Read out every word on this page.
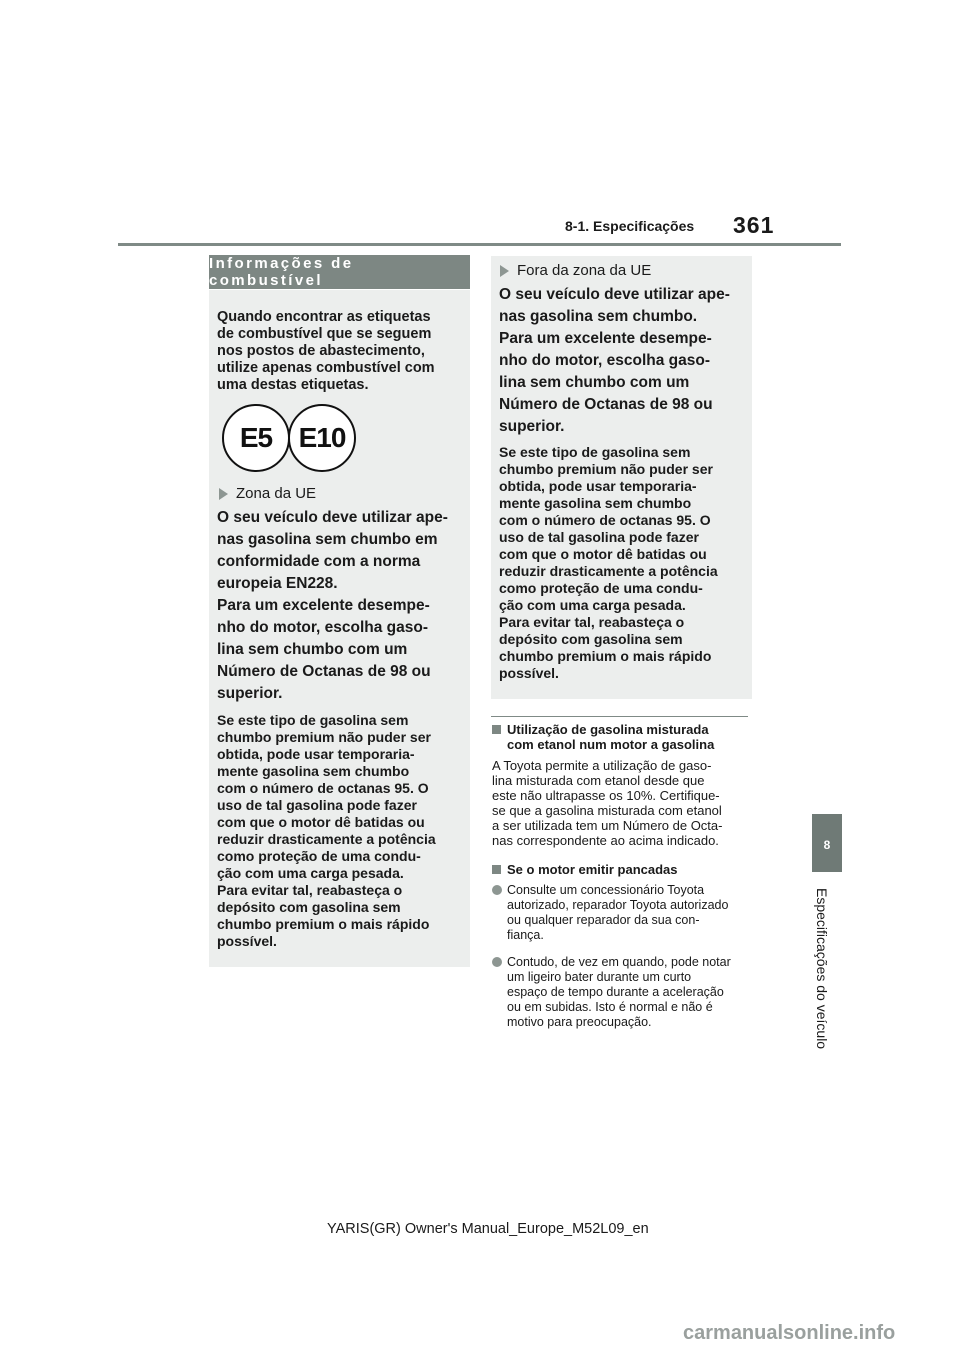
8-1. Especificações 361
8
Especificações do veículo
Informações de combustível
Quando encontrar as etiquetas
de combustível que se seguem
nos postos de abastecimento,
utilize apenas combustível com
uma destas etiquetas.
E5 E10
Zona da UE
O seu veículo deve utilizar ape-
nas gasolina sem chumbo em
conformidade com a norma
europeia EN228.
Para um excelente desempe-
nho do motor, escolha gaso-
lina sem chumbo com um
Número de Octanas de 98 ou
superior.
Se este tipo de gasolina sem
chumbo premium não puder ser
obtida, pode usar temporaria-
mente gasolina sem chumbo
com o número de octanas 95. O
uso de tal gasolina pode fazer
com que o motor dê batidas ou
reduzir drasticamente a potência
como proteção de uma condu-
ção com uma carga pesada.
Para evitar tal, reabasteça o
depósito com gasolina sem
chumbo premium o mais rápido
possível.
Fora da zona da UE
O seu veículo deve utilizar ape-
nas gasolina sem chumbo.
Para um excelente desempe-
nho do motor, escolha gaso-
lina sem chumbo com um
Número de Octanas de 98 ou
superior.
Se este tipo de gasolina sem
chumbo premium não puder ser
obtida, pode usar temporaria-
mente gasolina sem chumbo
com o número de octanas 95. O
uso de tal gasolina pode fazer
com que o motor dê batidas ou
reduzir drasticamente a potência
como proteção de uma condu-
ção com uma carga pesada.
Para evitar tal, reabasteça o
depósito com gasolina sem
chumbo premium o mais rápido
possível.
Utilização de gasolina misturada
com etanol num motor a gasolina
A Toyota permite a utilização de gaso-
lina misturada com etanol desde que
este não ultrapasse os 10%. Certifique-
se que a gasolina misturada com etanol
a ser utilizada tem um Número de Octa-
nas correspondente ao acima indicado.
Se o motor emitir pancadas
Consulte um concessionário Toyota
autorizado, reparador Toyota autorizado
ou qualquer reparador da sua con-
fiança.
Contudo, de vez em quando, pode notar
um ligeiro bater durante um curto
espaço de tempo durante a aceleração
ou em subidas. Isto é normal e não é
motivo para preocupação.
YARIS(GR) Owner's Manual_Europe_M52L09_en
carmanualsonline.info
